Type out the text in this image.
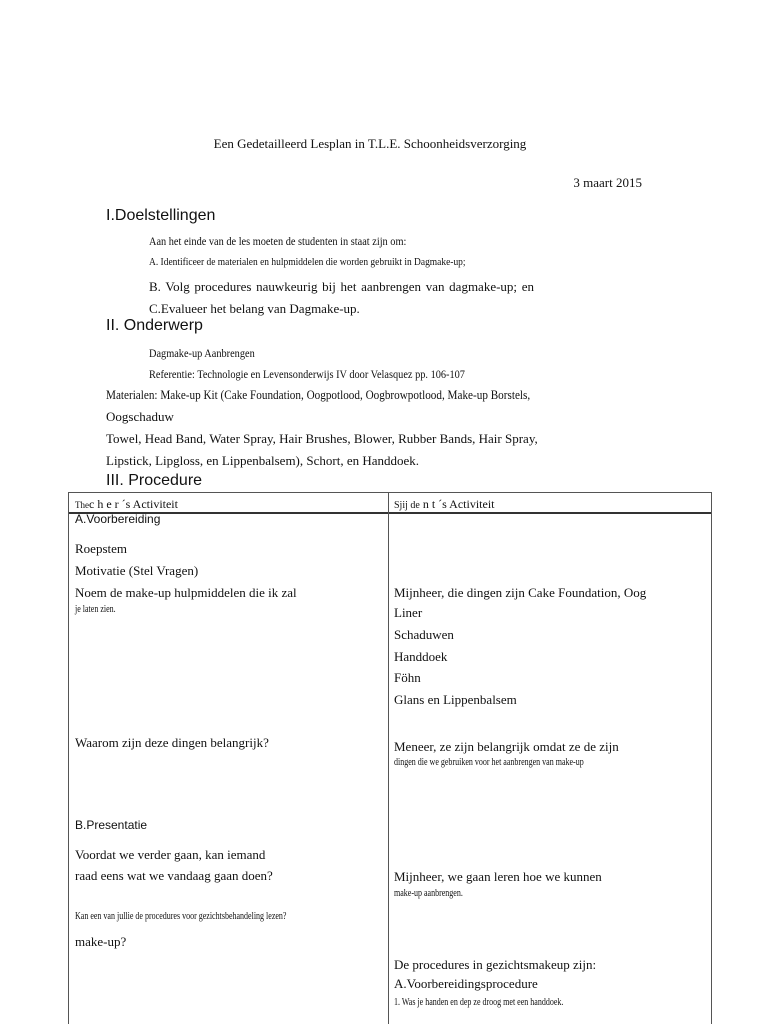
Een Gedetailleerd Lesplan in T.L.E. Schoonheidsverzorging
3 maart 2015
I.Doelstellingen
Aan het einde van de les moeten de studenten in staat zijn om:
A. Identificeer de materialen en hulpmiddelen die worden gebruikt in Dagmake-up;
B. Volg procedures nauwkeurig bij het aanbrengen van dagmake-up; en
C.Evalueer het belang van Dagmake-up.
II. Onderwerp
Dagmake-up Aanbrengen
Referentie: Technologie en Levensonderwijs IV door Velasquez pp. 106-107
Materialen: Make-up Kit (Cake Foundation, Oogpotlood, Oogbrowpotlood, Make-up Borstels,
Oogschaduw
Towel, Head Band, Water Spray, Hair Brushes, Blower, Rubber Bands, Hair Spray,
Lipstick, Lipgloss, en Lippenbalsem), Schort, en Handdoek.
III. Procedure
Thec h e r ´s Activiteit	Sjij de n t ´s Activiteit
A.Voorbereiding
Roepstem
Motivatie (Stel Vragen)
Noem de make-up hulpmiddelen die ik zal
je laten zien.
Waarom zijn deze dingen belangrijk?
B.Presentatie
Voordat we verder gaan, kan iemand
raad eens wat we vandaag gaan doen?
Kan een van jullie de procedures voor gezichtsbehandeling lezen?
make-up?
Mijnheer, die dingen zijn Cake Foundation, Oog
Liner
Schaduwen
Handdoek
Föhn
Glans en Lippenbalsem
Meneer, ze zijn belangrijk omdat ze de zijn
dingen die we gebruiken voor het aanbrengen van make-up
Mijnheer, we gaan leren hoe we kunnen
make-up aanbrengen.
De procedures in gezichtsmakeup zijn:
A.Voorbereidingsprocedure
1. Was je handen en dep ze droog met een handdoek.
